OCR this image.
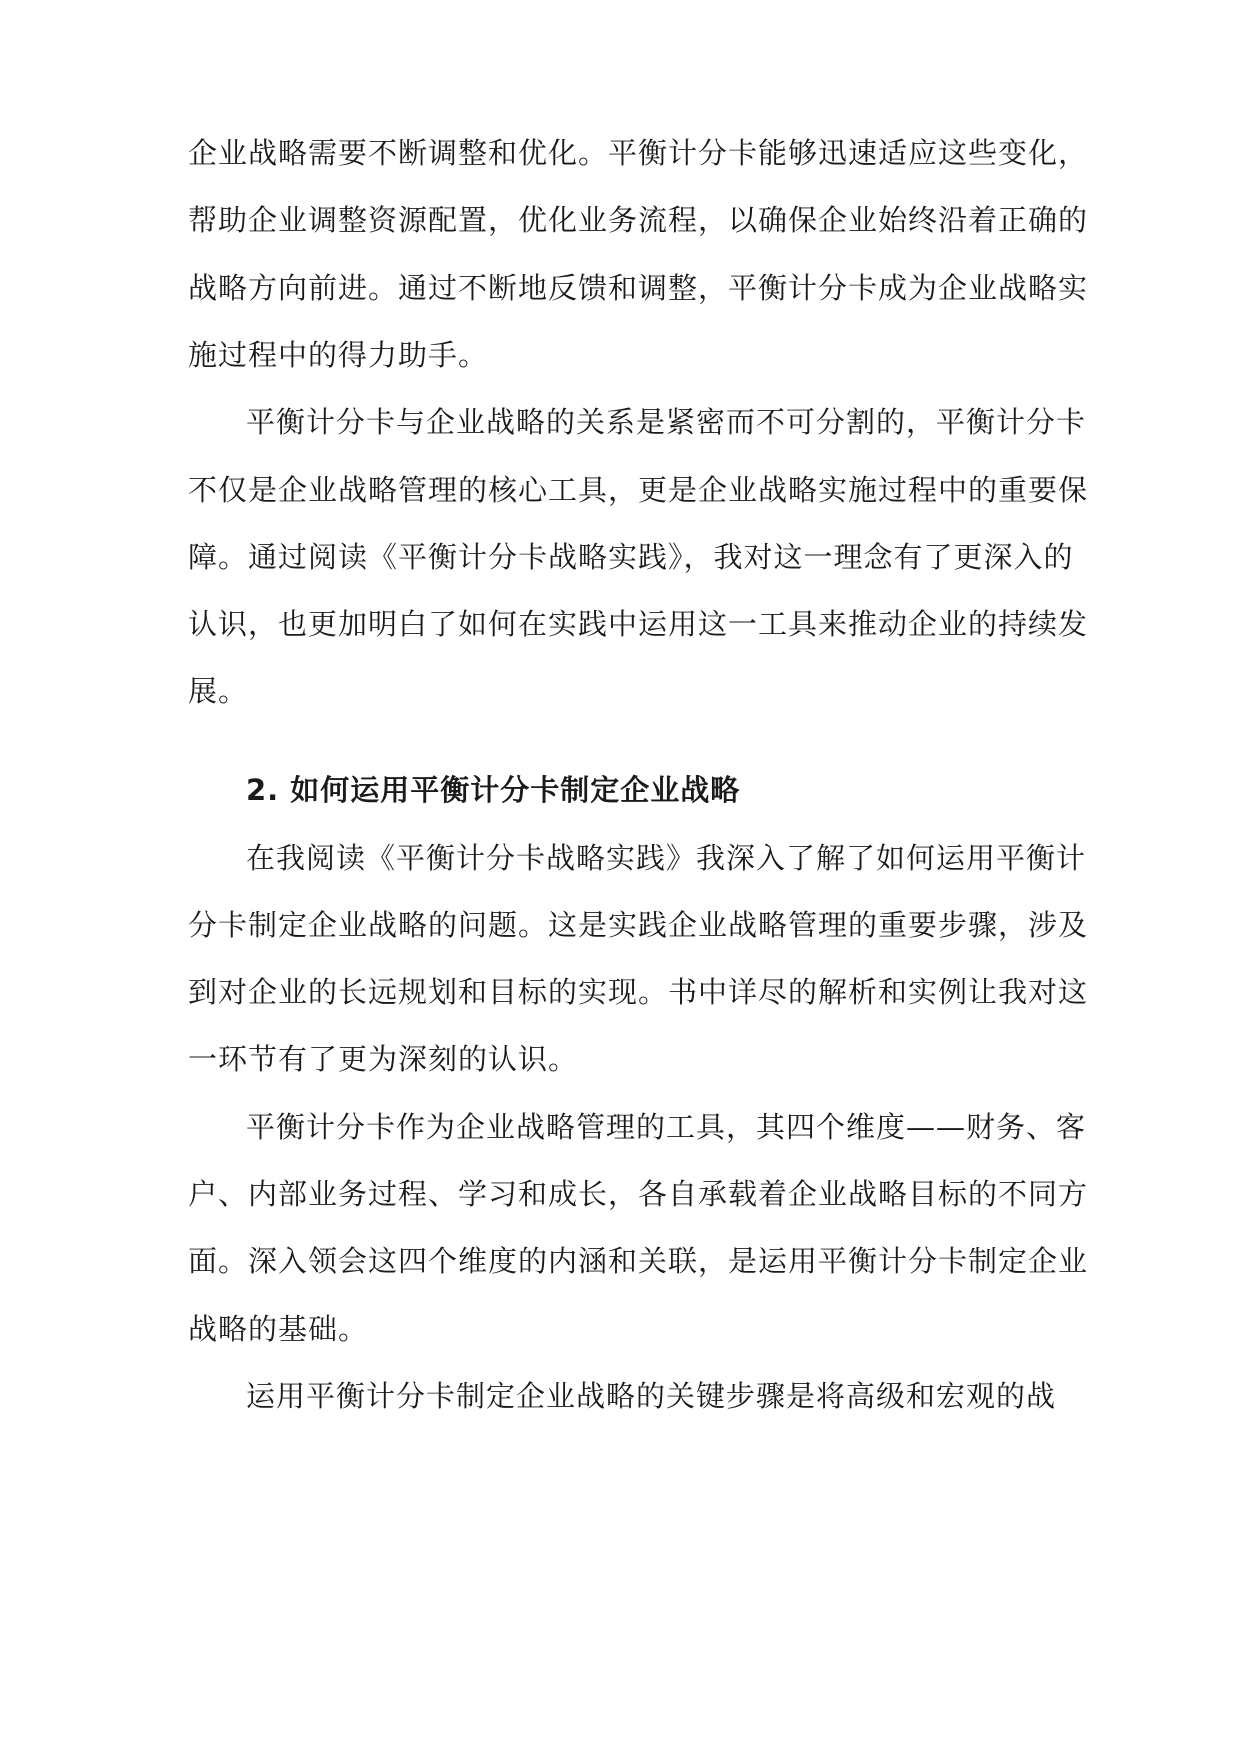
企业战略需要不断调整和优化。平衡计分卡能够迅速适应这些变化，
帮助企业调整资源配置，优化业务流程，以确保企业始终沿着正确的
战略方向前进。通过不断地反馈和调整，平衡计分卡成为企业战略实
施过程中的得力助手。
平衡计分卡与企业战略的关系是紧密而不可分割的，平衡计分卡
不仅是企业战略管理的核心工具，更是企业战略实施过程中的重要保
障。通过阅读《平衡计分卡战略实践》，我对这一理念有了更深入的
认识，也更加明白了如何在实践中运用这一工具来推动企业的持续发
展。
2. 如何运用平衡计分卡制定企业战略
在我阅读《平衡计分卡战略实践》我深入了解了如何运用平衡计
分卡制定企业战略的问题。这是实践企业战略管理的重要步骤，涉及
到对企业的长远规划和目标的实现。书中详尽的解析和实例让我对这
一环节有了更为深刻的认识。
平衡计分卡作为企业战略管理的工具，其四个维度——财务、客
户、内部业务过程、学习和成长，各自承载着企业战略目标的不同方
面。深入领会这四个维度的内涵和关联，是运用平衡计分卡制定企业
战略的基础。
运用平衡计分卡制定企业战略的关键步骤是将高级和宏观的战
